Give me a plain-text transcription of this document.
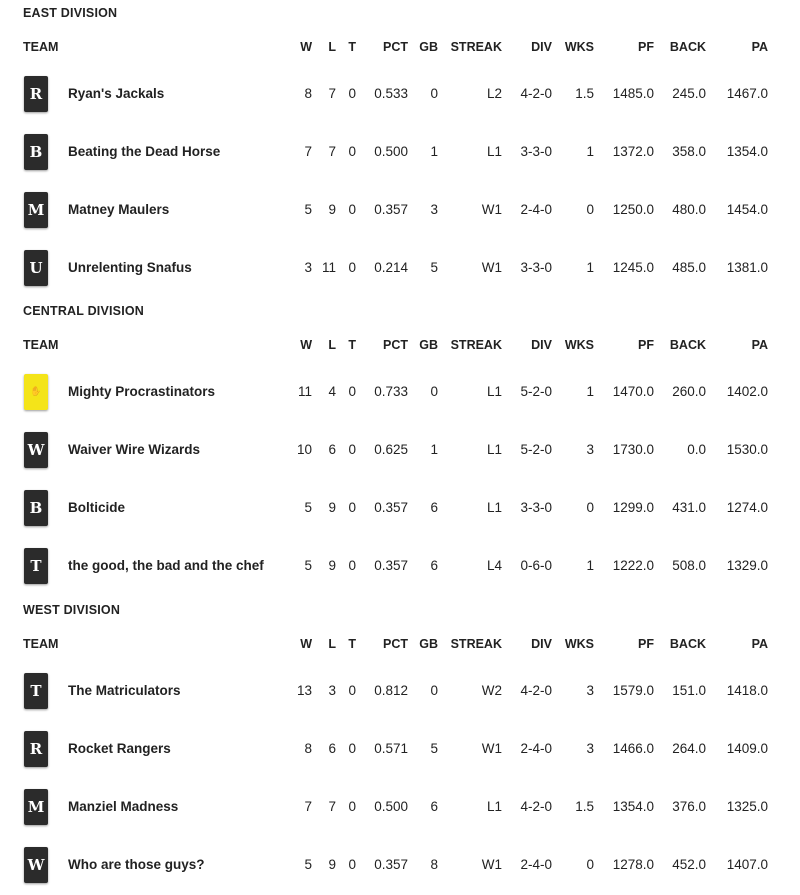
EAST DIVISION
TEAM	W	L T	PCT GB STREAK	DIV	WKS	PF	BACK	PA
R	Ryan's Jackals	8	7 0	0.533	0	L2	4-2-0	1.5	1485.0	245.0	1467.0
B	Beating the Dead Horse	7	7 0	0.500	1	L1	3-3-0	1	1372.0	358.0	1354.0
M Matney Maulers	5	9 0	0.357	3	W1	2-4-0	0	1250.0	480.0	1454.0
U	Unrelenting Snafus	3 11 0	0.214	5	W1	3-3-0	1	1245.0	485.0	1381.0
CENTRAL DIVISION
TEAM	W	L T	PCT GB STREAK	DIV	WKS	PF	BACK	PA
✋	Mighty Procrastinators	11	4 0	0.733	0	L1	5-2-0	1	1470.0	260.0	1402.0
W Waiver Wire Wizards	10	6 0	0.625	1	L1	5-2-0	3	1730.0	0.0	1530.0
B	Bolticide	5	9 0	0.357	6	L1	3-3-0	0	1299.0	431.0	1274.0
T	the good, the bad and the chef	5	9 0	0.357	6	L4	0-6-0	1	1222.0	508.0	1329.0
WEST DIVISION
TEAM	W	L T	PCT GB STREAK	DIV	WKS	PF	BACK	PA
T	The Matriculators	13	3 0	0.812	0	W2	4-2-0	3	1579.0	151.0	1418.0
R	Rocket Rangers	8	6 0	0.571	5	W1	2-4-0	3	1466.0	264.0	1409.0
M Manziel Madness	7	7 0	0.500	6	L1	4-2-0	1.5	1354.0	376.0	1325.0
W Who are those guys?	5	9 0	0.357	8	W1	2-4-0	0	1278.0	452.0	1407.0
